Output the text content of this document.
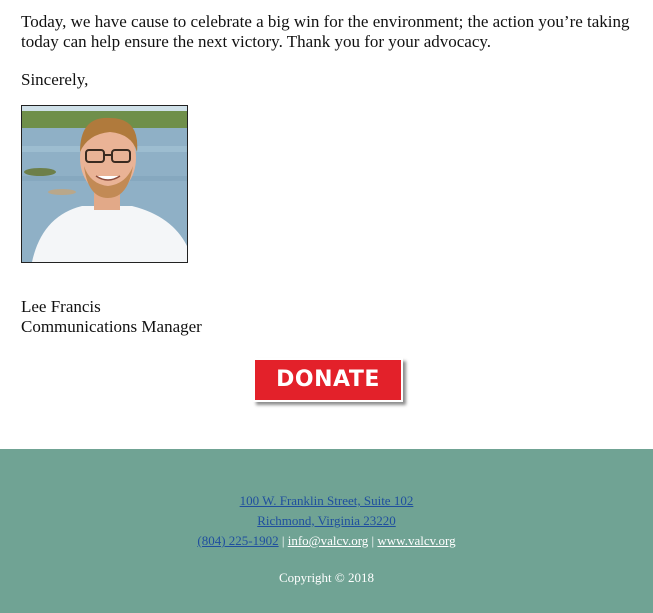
Today, we have cause to celebrate a big win for the environment; the action you’re taking today can help ensure the next victory. Thank you for your advocacy.

Sincerely,

Lee Francis
Communications Manager
DONATE
100 W. Franklin Street, Suite 102
Richmond, Virginia 23220
(804) 225-1902 | info@valcv.org | www.valcv.org
Copyright © 2018
